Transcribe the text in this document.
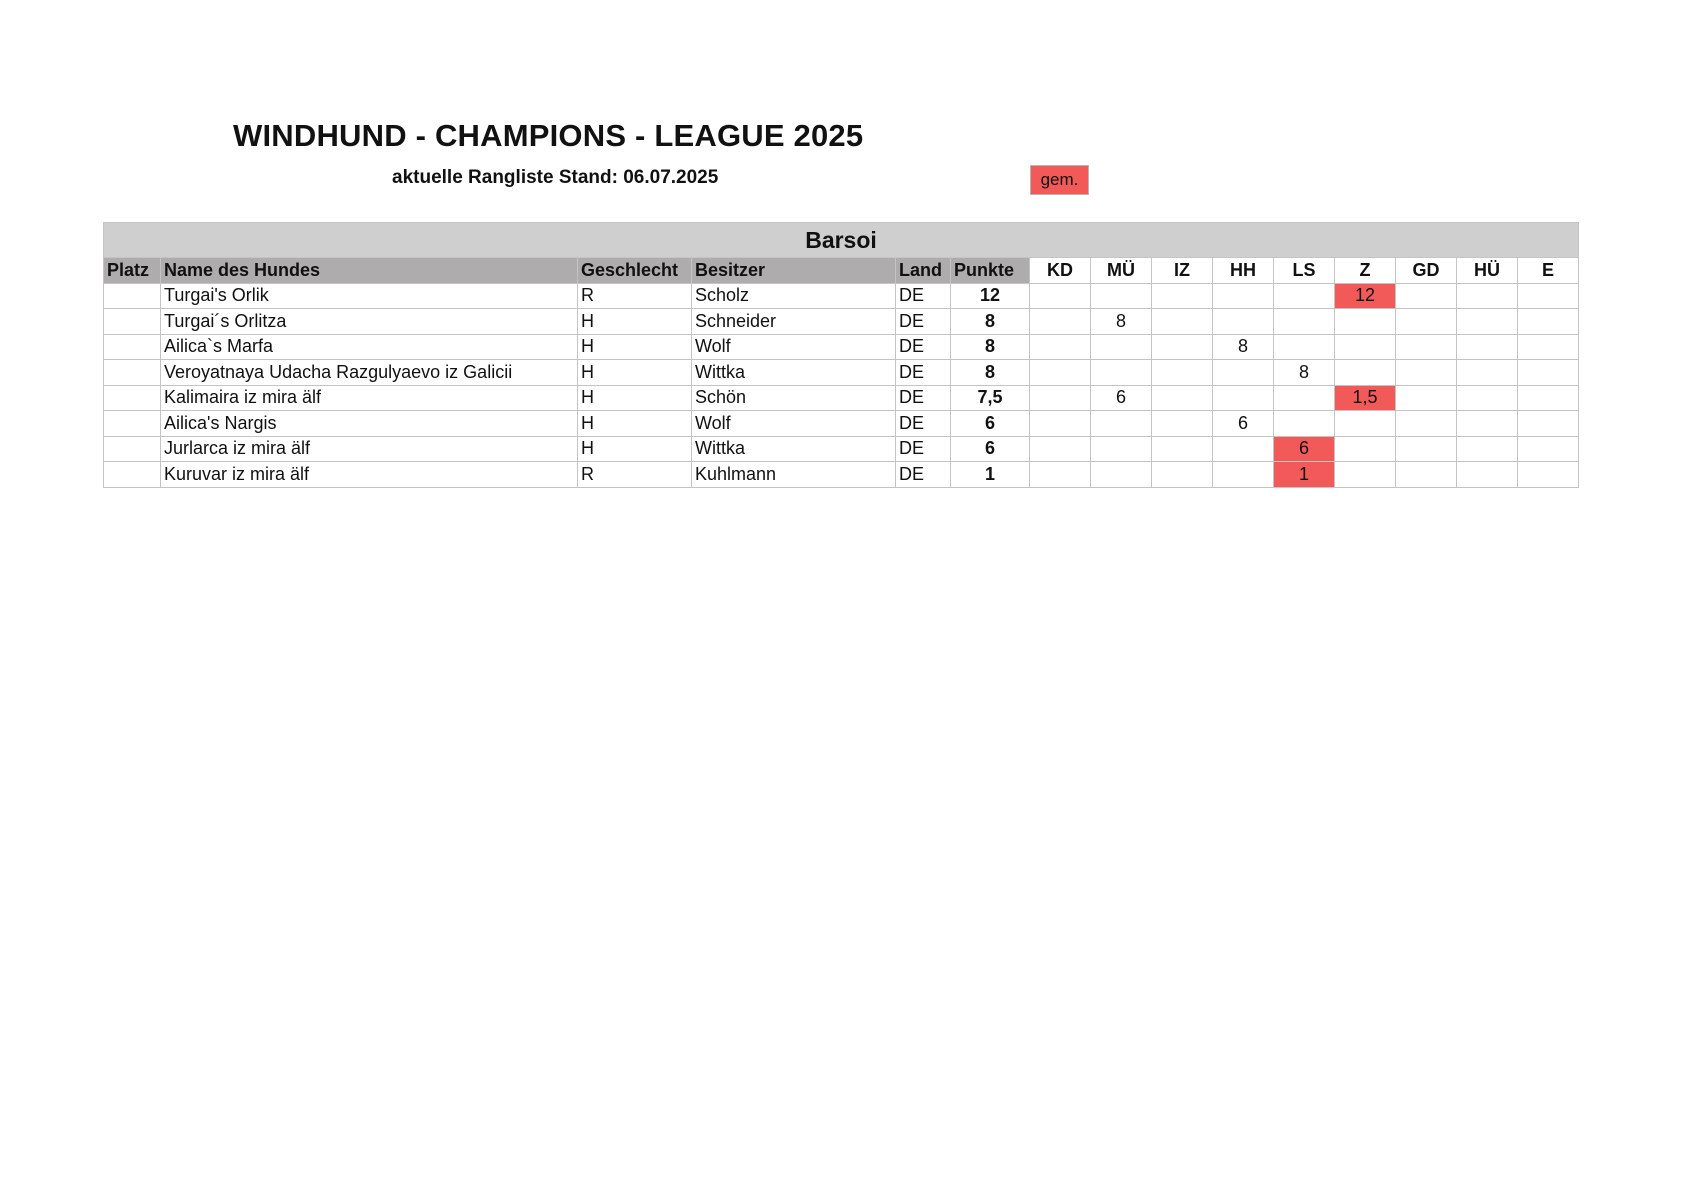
WINDHUND - CHAMPIONS - LEAGUE 2025
aktuelle Rangliste Stand: 06.07.2025	gem.
Barsoi														
Platz	Name des Hundes	Geschlecht	Besitzer	Land	Punkte	KD	MÜ	IZ	HH	LS	Z	GD	HÜ	E
	Turgai's Orlik	R	Scholz	DE	12						12			
	Turgai´s Orlitza	H	Schneider	DE	8		8							
	Ailica`s Marfa	H	Wolf	DE	8				8					
	Veroyatnaya Udacha Razgulyaevo iz Galicii	H	Wittka	DE	8					8				
	Kalimaira iz mira älf	H	Schön	DE	7,5		6				1,5			
	Ailica's Nargis	H	Wolf	DE	6				6					
	Jurlarca iz mira älf	H	Wittka	DE	6					6				
	Kuruvar iz mira älf	R	Kuhlmann	DE	1					1				
